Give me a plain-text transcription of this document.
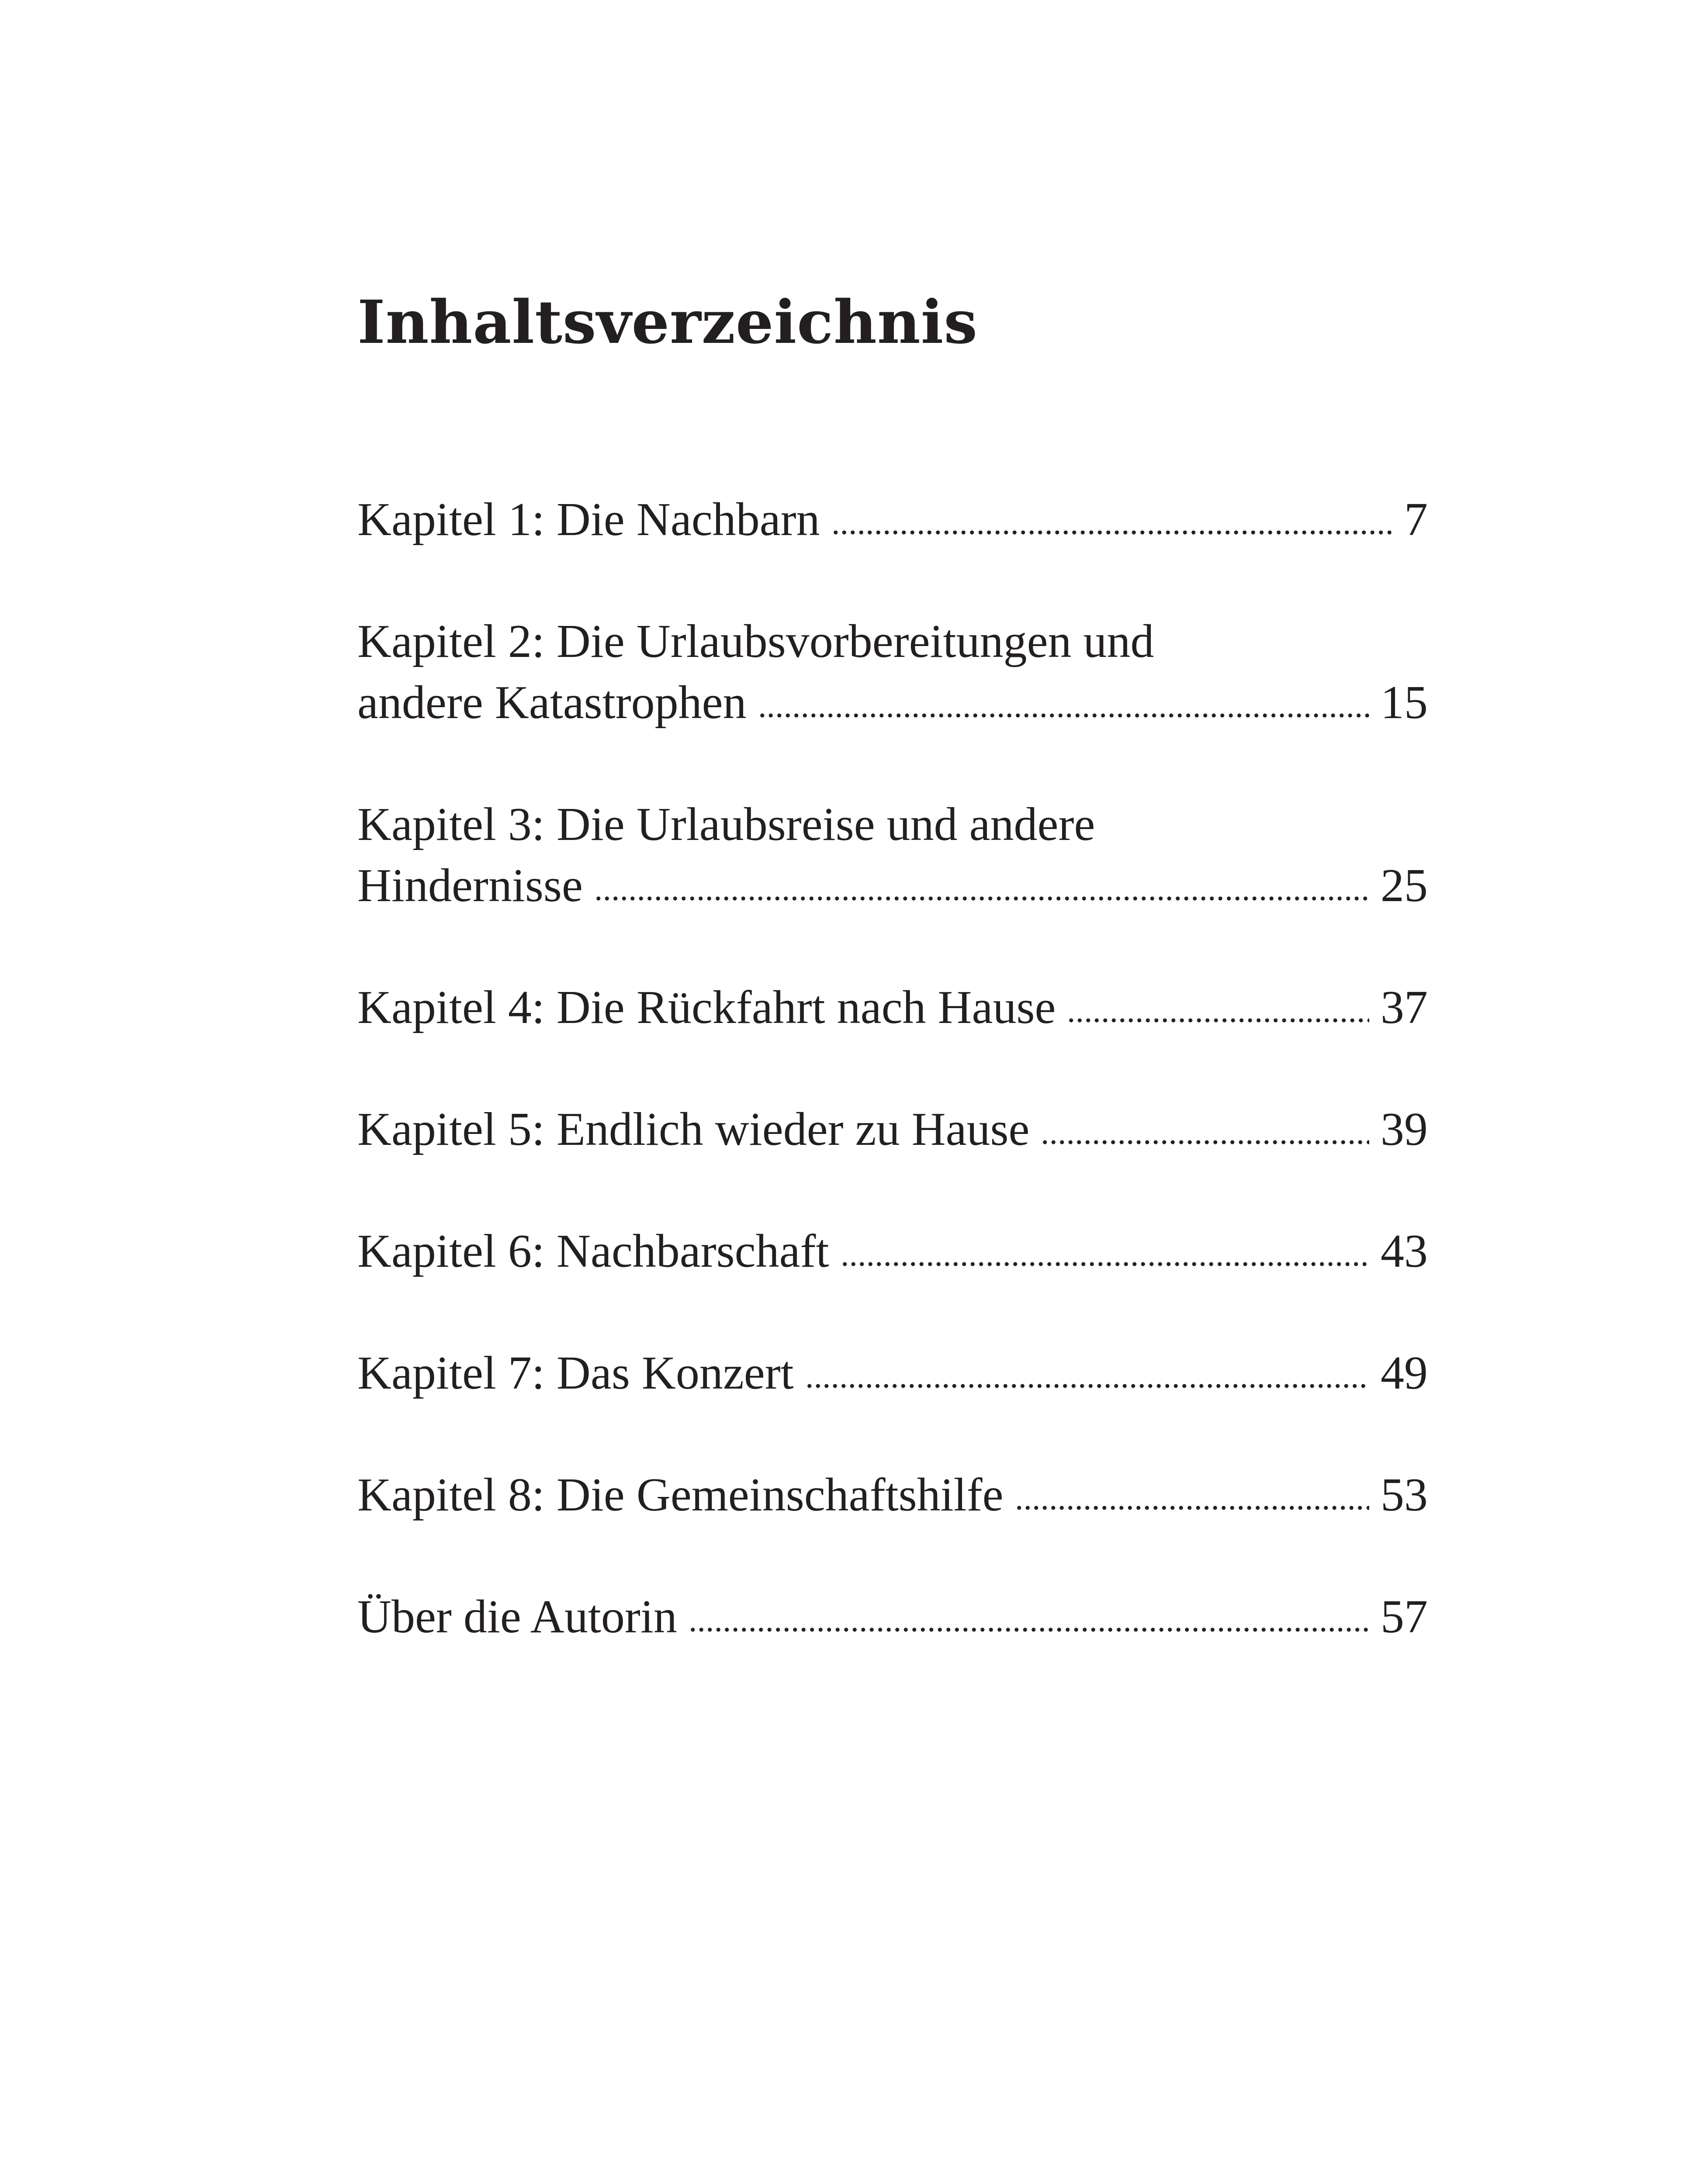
Inhaltsverzeichnis
Kapitel 1: Die Nachbarn	7
Kapitel 2: Die Urlaubsvorbereitungen und
andere Katastrophen	15
Kapitel 3: Die Urlaubsreise und andere
Hindernisse	25
Kapitel 4: Die Rückfahrt nach Hause	37
Kapitel 5: Endlich wieder zu Hause	39
Kapitel 6: Nachbarschaft	43
Kapitel 7: Das Konzert	49
Kapitel 8: Die Gemeinschaftshilfe	53
Über die Autorin	57
